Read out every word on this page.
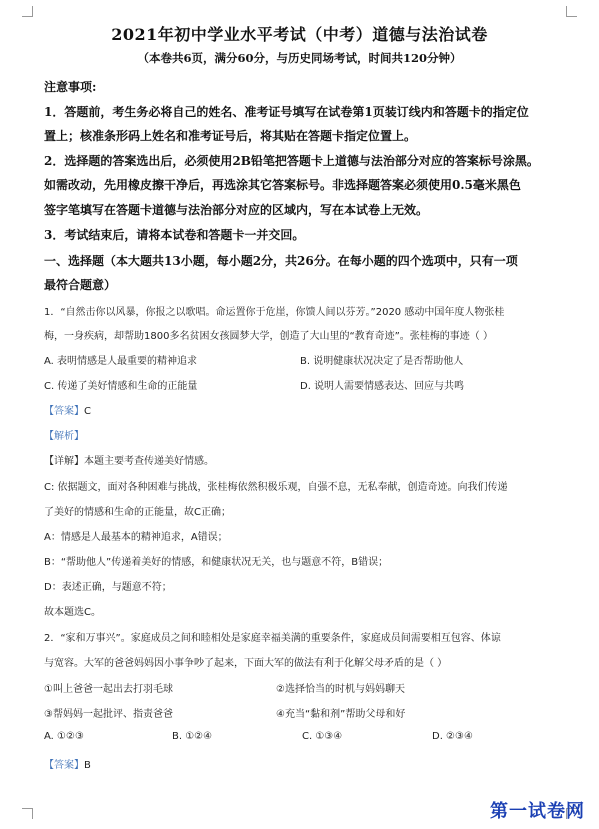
2021年初中学业水平考试（中考）道德与法治试卷
（本卷共6页，满分60分，与历史同场考试，时间共120分钟）
注意事项:
1．答题前，考生务必将自己的姓名、准考证号填写在试卷第1页装订线内和答题卡的指定位
置上；核准条形码上姓名和准考证号后，将其贴在答题卡指定位置上。
2．选择题的答案选出后，必须使用2B铅笔把答题卡上道德与法治部分对应的答案标号涂黑。
如需改动，先用橡皮擦干净后，再选涂其它答案标号。非选择题答案必须使用0.5毫米黑色
签字笔填写在答题卡道德与法治部分对应的区域内，写在本试卷上无效。
3．考试结束后，请将本试卷和答题卡一并交回。
一、选择题（本大题共13小题，每小题2分，共26分。在每小题的四个选项中，只有一项
最符合题意）
1．“自然击你以风暴，你报之以歌唱。命运置你于危崖，你馈人间以芬芳。”2020 感动中国年度人物张桂
梅，一身疾病，却帮助1800多名贫困女孩圆梦大学，创造了大山里的“教育奇迹”。张桂梅的事迹（ ）
A. 表明情感是人最重要的精神追求	B. 说明健康状况决定了是否帮助他人
C. 传递了美好情感和生命的正能量	D. 说明人需要情感表达、回应与共鸣
【答案】C
【解析】
【详解】本题主要考查传递美好情感。
C: 依据题文，面对各种困难与挑战，张桂梅依然积极乐观，自强不息，无私奉献，创造奇迹。向我们传递
了美好的情感和生命的正能量，故C正确；
A：情感是人最基本的精神追求，A错误；
B：“帮助他人”传递着美好的情感，和健康状况无关，也与题意不符，B错误；
D：表述正确，与题意不符；
故本题选C。
2．“家和万事兴”。家庭成员之间和睦相处是家庭幸福美满的重要条件，家庭成员间需要相互包容、体谅
与宽容。大军的爸爸妈妈因小事争吵了起来，下面大军的做法有利于化解父母矛盾的是（ ）
①叫上爸爸一起出去打羽毛球	②选择恰当的时机与妈妈聊天
③帮妈妈一起批评、指责爸爸	④充当“黏和剂”帮助父母和好
A. ①②③	B. ①②④	C. ①③④	D. ②③④
【答案】B
第一试卷网
